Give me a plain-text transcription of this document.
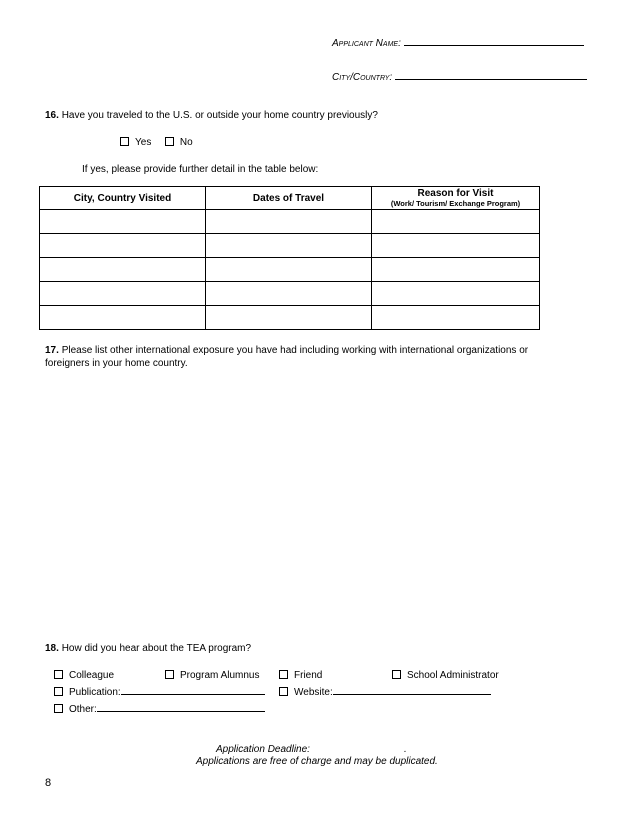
Applicant Name:
City/Country:
16. Have you traveled to the U.S. or outside your home country previously?
Yes	No
If yes, please provide further detail in the table below:
City, Country Visited	Dates of Travel	Reason for Visit
(Work/ Tourism/ Exchange Program)

17. Please list other international exposure you have had including working with international organizations or foreigners in your home country.
18. How did you hear about the TEA program?
Colleague	Program Alumnus	Friend	School Administrator
Publication:	Website:
Other:
Application Deadline:	.
Applications are free of charge and may be duplicated.
8
